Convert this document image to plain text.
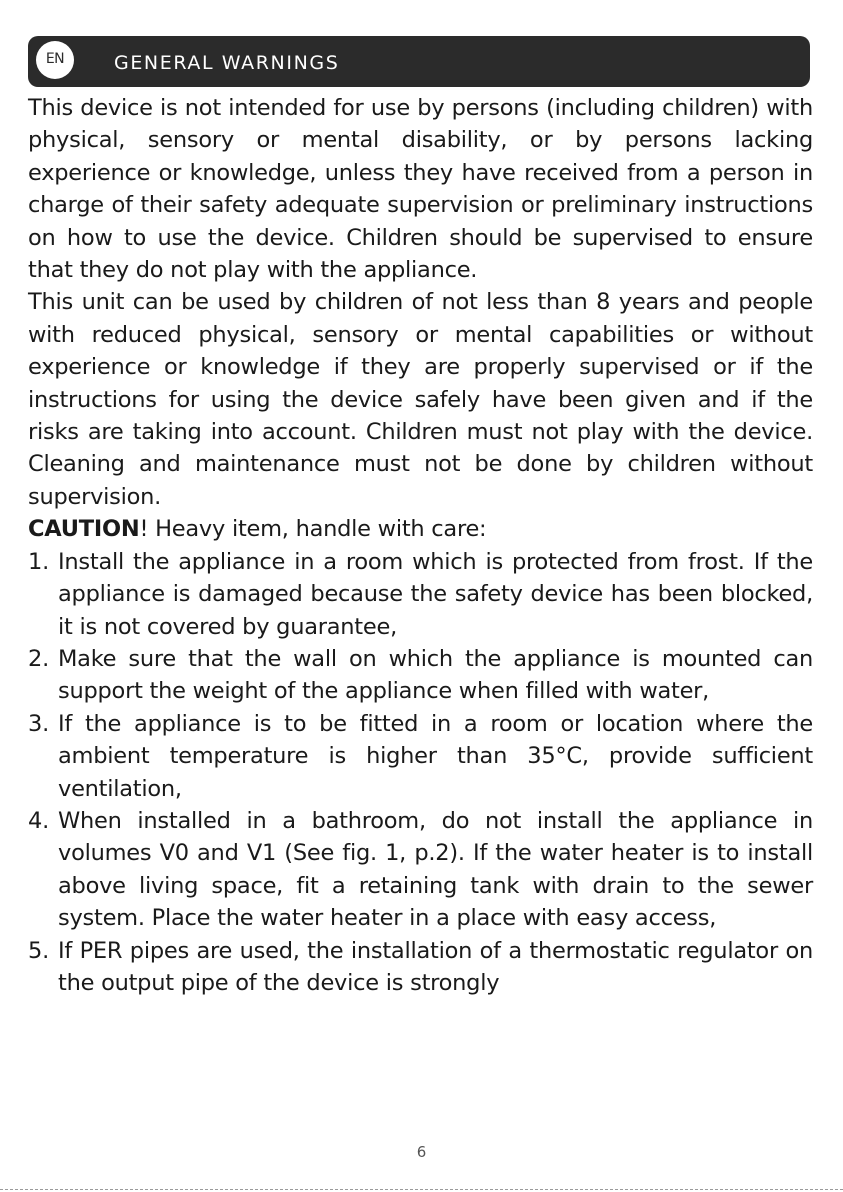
EN	GENERAL WARNINGS

This device is not intended for use by persons (including children) with physical, sensory or mental disability, or by persons lacking experience or knowledge, unless they have received from a person in charge of their safety adequate supervision or preliminary instructions on how to use the device. Children should be supervised to ensure that they do not play with the appliance.

This unit can be used by children of not less than 8 years and people with reduced physical, sensory or mental capabilities or without experience or knowledge if they are properly supervised or if the instructions for using the device safely have been given and if the risks are taking into account. Children must not play with the device. Cleaning and maintenance must not be done by children without supervision.

CAUTION! Heavy item, handle with care:

1. Install the appliance in a room which is protected from frost. If the appliance is damaged because the safety device has been blocked, it is not covered by guarantee,
2. Make sure that the wall on which the appliance is mounted can support the weight of the appliance when filled with water,
3. If the appliance is to be fitted in a room or location where the ambient temperature is higher than 35°C, provide sufficient ventilation,
4. When installed in a bathroom, do not install the appliance in volumes V0 and V1 (See fig. 1, p.2). If the water heater is to install above living space, fit a retaining tank with drain to the sewer system. Place the water heater in a place with easy access,
5. If PER pipes are used, the installation of a thermostatic regulator on the output pipe of the device is strongly
6
